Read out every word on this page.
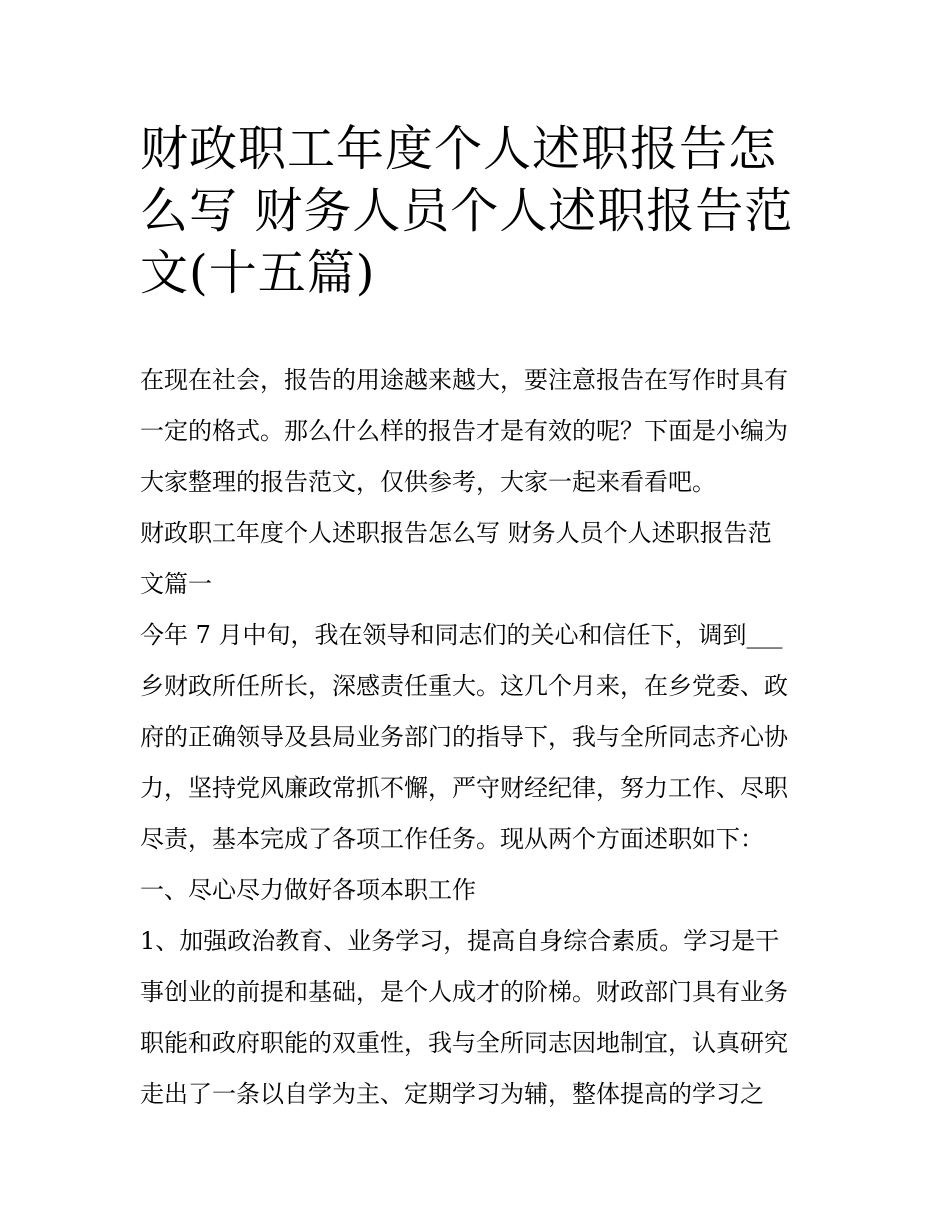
财政职工年度个人述职报告怎
么写 财务人员个人述职报告范
文(十五篇)
在现在社会，报告的用途越来越大，要注意报告在写作时具有
一定的格式。那么什么样的报告才是有效的呢？下面是小编为
大家整理的报告范文，仅供参考，大家一起来看看吧。
财政职工年度个人述职报告怎么写 财务人员个人述职报告范
文篇一
今年 7 月中旬，我在领导和同志们的关心和信任下，调到___
乡财政所任所长，深感责任重大。这几个月来，在乡党委、政
府的正确领导及县局业务部门的指导下，我与全所同志齐心协
力，坚持党风廉政常抓不懈，严守财经纪律，努力工作、尽职
尽责，基本完成了各项工作任务。现从两个方面述职如下：
一、尽心尽力做好各项本职工作
1、加强政治教育、业务学习，提高自身综合素质。学习是干
事创业的前提和基础，是个人成才的阶梯。财政部门具有业务
职能和政府职能的双重性，我与全所同志因地制宜，认真研究
走出了一条以自学为主、定期学习为辅，整体提高的学习之
